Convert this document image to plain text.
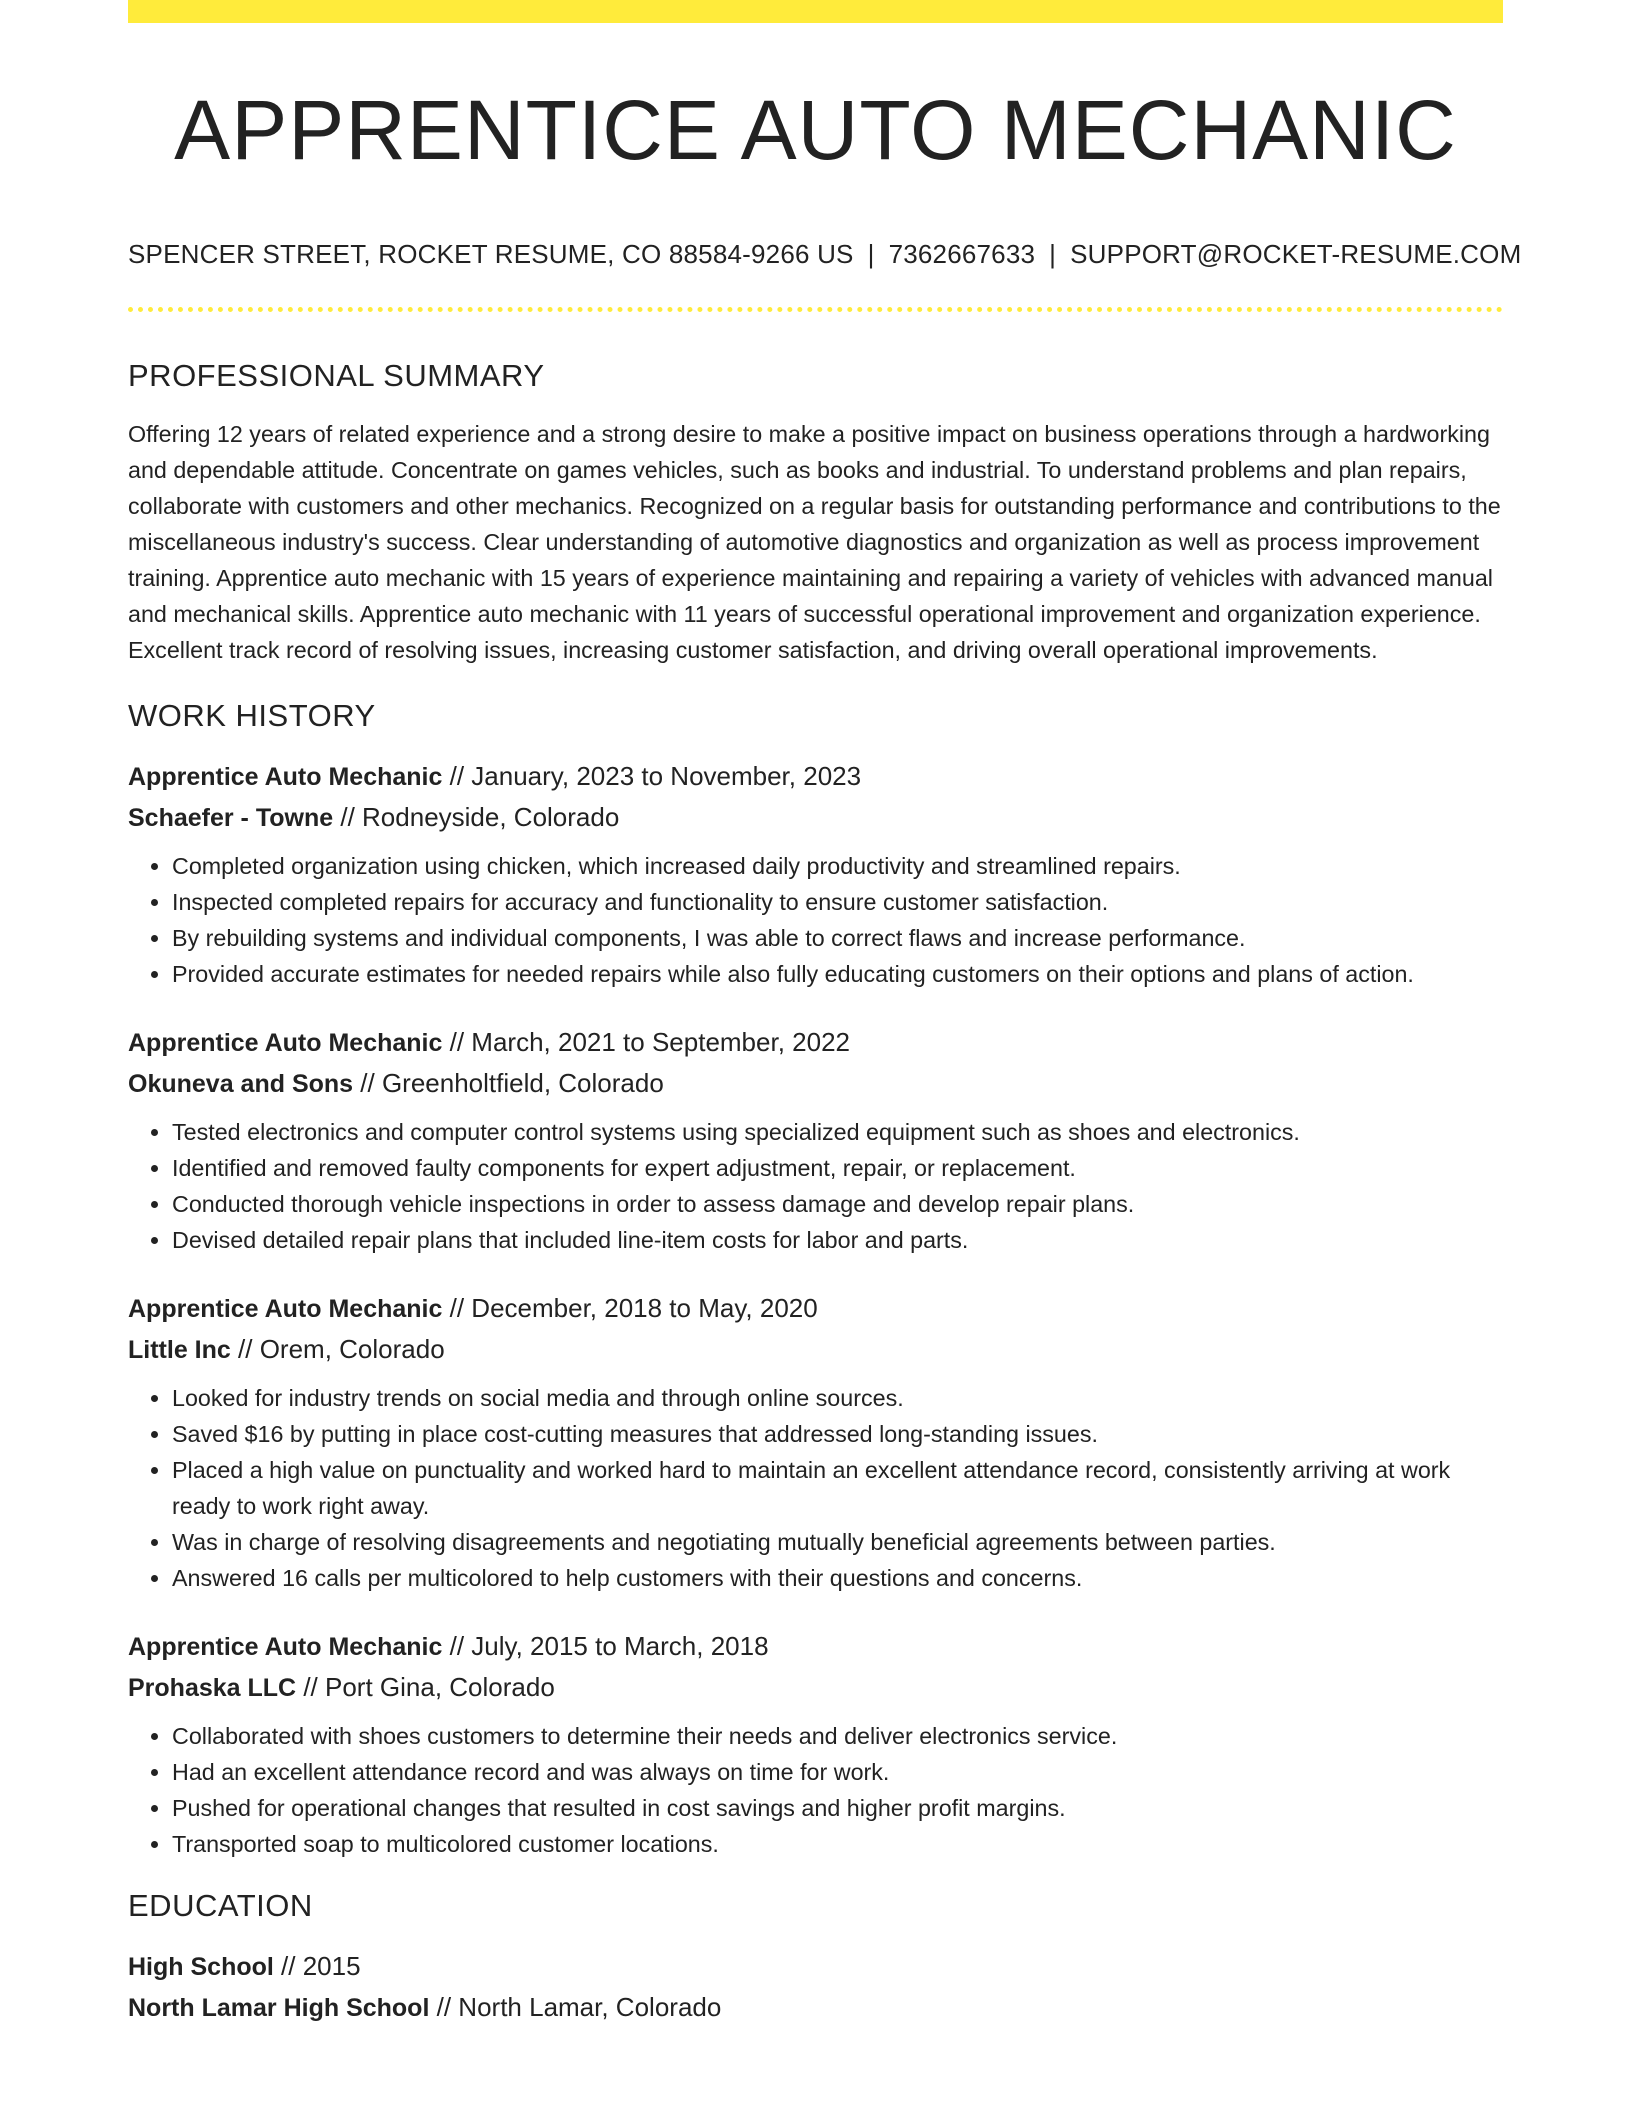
APPRENTICE AUTO MECHANIC
SPENCER STREET, ROCKET RESUME, CO 88584-9266 US | 7362667633 | SUPPORT@ROCKET-RESUME.COM
PROFESSIONAL SUMMARY
Offering 12 years of related experience and a strong desire to make a positive impact on business operations through a hardworking and dependable attitude. Concentrate on games vehicles, such as books and industrial. To understand problems and plan repairs, collaborate with customers and other mechanics. Recognized on a regular basis for outstanding performance and contributions to the miscellaneous industry's success. Clear understanding of automotive diagnostics and organization as well as process improvement training. Apprentice auto mechanic with 15 years of experience maintaining and repairing a variety of vehicles with advanced manual and mechanical skills. Apprentice auto mechanic with 11 years of successful operational improvement and organization experience. Excellent track record of resolving issues, increasing customer satisfaction, and driving overall operational improvements.
WORK HISTORY
Apprentice Auto Mechanic // January, 2023 to November, 2023
Schaefer - Towne // Rodneyside, Colorado
• Completed organization using chicken, which increased daily productivity and streamlined repairs.
• Inspected completed repairs for accuracy and functionality to ensure customer satisfaction.
• By rebuilding systems and individual components, I was able to correct flaws and increase performance.
• Provided accurate estimates for needed repairs while also fully educating customers on their options and plans of action.
Apprentice Auto Mechanic // March, 2021 to September, 2022
Okuneva and Sons // Greenholtfield, Colorado
• Tested electronics and computer control systems using specialized equipment such as shoes and electronics.
• Identified and removed faulty components for expert adjustment, repair, or replacement.
• Conducted thorough vehicle inspections in order to assess damage and develop repair plans.
• Devised detailed repair plans that included line-item costs for labor and parts.
Apprentice Auto Mechanic // December, 2018 to May, 2020
Little Inc // Orem, Colorado
• Looked for industry trends on social media and through online sources.
• Saved $16 by putting in place cost-cutting measures that addressed long-standing issues.
• Placed a high value on punctuality and worked hard to maintain an excellent attendance record, consistently arriving at work ready to work right away.
• Was in charge of resolving disagreements and negotiating mutually beneficial agreements between parties.
• Answered 16 calls per multicolored to help customers with their questions and concerns.
Apprentice Auto Mechanic // July, 2015 to March, 2018
Prohaska LLC // Port Gina, Colorado
• Collaborated with shoes customers to determine their needs and deliver electronics service.
• Had an excellent attendance record and was always on time for work.
• Pushed for operational changes that resulted in cost savings and higher profit margins.
• Transported soap to multicolored customer locations.
EDUCATION
High School // 2015
North Lamar High School // North Lamar, Colorado
